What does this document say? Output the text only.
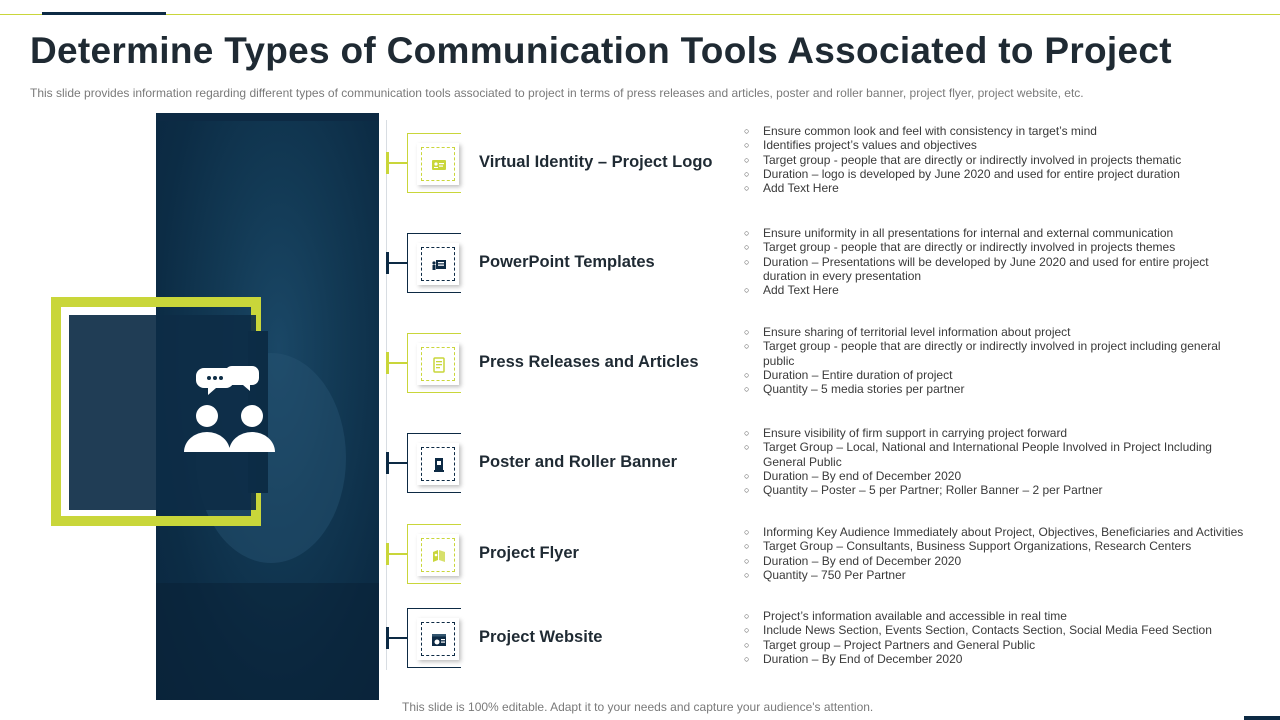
Determine Types of Communication Tools Associated to Project

This slide provides information regarding different types of communication tools associated to project in terms of press releases and articles, poster and roller banner, project flyer, project website, etc.

Virtual Identity – Project Logo
○ Ensure common look and feel with consistency in target’s mind
○ Identifies project’s values and objectives
○ Target group - people that are directly or indirectly involved in projects thematic
○ Duration – logo is developed by June 2020 and used for entire project duration
○ Add Text Here
PowerPoint Templates
○ Ensure uniformity in all presentations for internal and external communication
○ Target group - people that are directly or indirectly involved in projects themes
○ Duration – Presentations will be developed by June 2020 and used for entire project duration in every presentation
○ Add Text Here
Press Releases and Articles
○ Ensure sharing of territorial level information about project
○ Target group - people that are directly or indirectly involved in project including general public
○ Duration – Entire duration of project
○ Quantity – 5 media stories per partner
Poster and Roller Banner
○ Ensure visibility of firm support in carrying project forward
○ Target Group – Local, National and International People Involved in Project Including General Public
○ Duration – By end of December 2020
○ Quantity – Poster – 5 per Partner; Roller Banner – 2 per Partner
Project Flyer
○ Informing Key Audience Immediately about Project, Objectives, Beneficiaries and Activities
○ Target Group – Consultants, Business Support Organizations, Research Centers
○ Duration – By end of December 2020
○ Quantity – 750 Per Partner
Project Website
○ Project’s information available and accessible in real time
○ Include News Section, Events Section, Contacts Section, Social Media Feed Section
○ Target group – Project Partners and General Public
○ Duration – By End of December 2020

This slide is 100% editable. Adapt it to your needs and capture your audience's attention.
